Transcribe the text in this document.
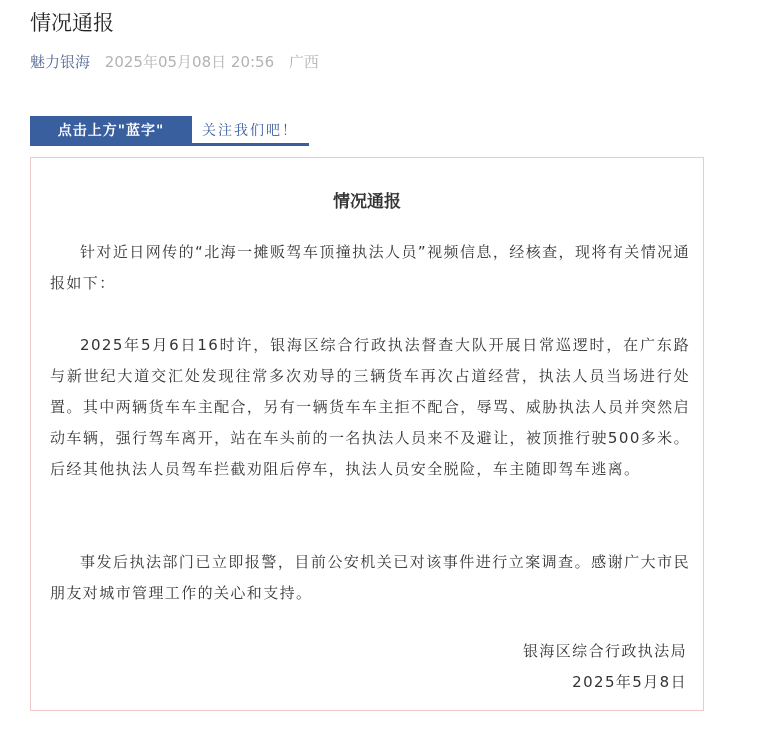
情况通报
魅力银海 2025年05月08日 20:56 广西
点击上方"蓝字"	关注我们吧！
情况通报

针对近日网传的“北海一摊贩驾车顶撞执法人员”视频信息，经核查，现将有关情况通报如下：

2025年5月6日16时许，银海区综合行政执法督查大队开展日常巡逻时，在广东路与新世纪大道交汇处发现往常多次劝导的三辆货车再次占道经营，执法人员当场进行处置。其中两辆货车车主配合，另有一辆货车车主拒不配合，辱骂、威胁执法人员并突然启动车辆，强行驾车离开，站在车头前的一名执法人员来不及避让，被顶推行驶500多米。后经其他执法人员驾车拦截劝阻后停车，执法人员安全脱险，车主随即驾车逃离。

事发后执法部门已立即报警，目前公安机关已对该事件进行立案调查。感谢广大市民朋友对城市管理工作的关心和支持。

银海区综合行政执法局
2025年5月8日
